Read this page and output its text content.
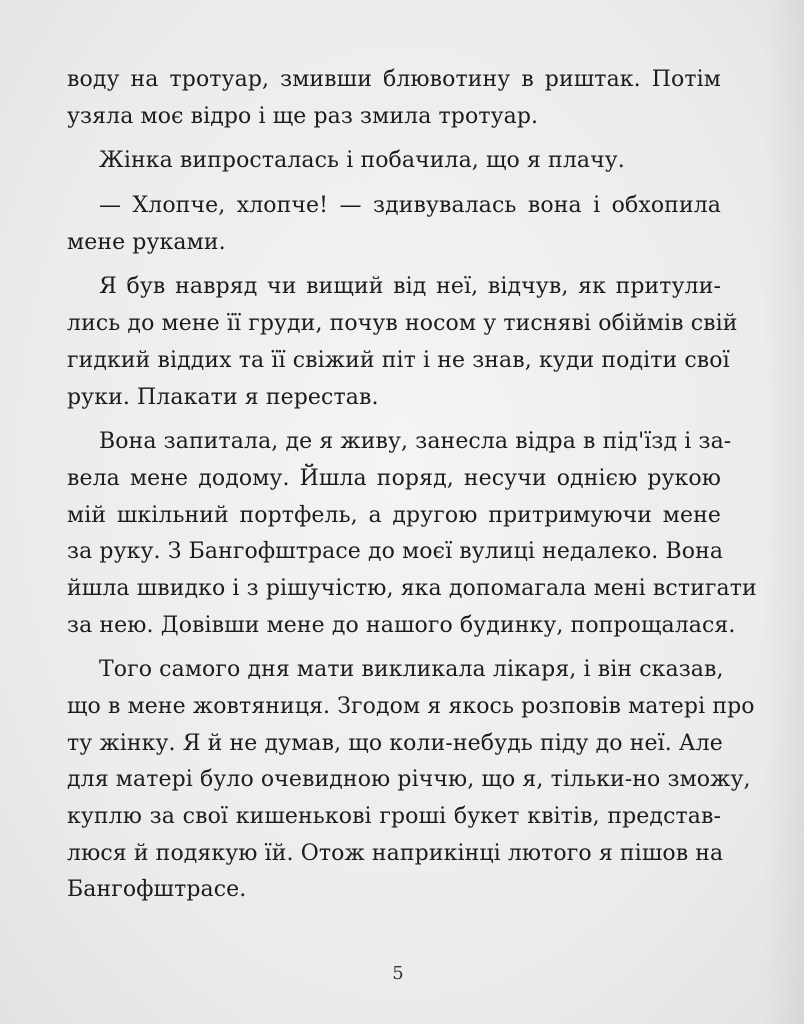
воду на тротуар, змивши блювотину в риштак. Потім
узяла моє відро і ще раз змила тротуар.
Жінка випросталась і побачила, що я плачу.
— Хлопче, хлопче! — здивувалась вона і обхопила
мене руками.
Я був навряд чи вищий від неї, відчув, як притули-
лись до мене її груди, почув носом у тисняві обіймів свій
гидкий віддих та її свіжий піт і не знав, куди подіти свої
руки. Плакати я перестав.
Вона запитала, де я живу, занесла відра в під'їзд і за-
вела мене додому. Йшла поряд, несучи однією рукою
мій шкільний портфель, а другою притримуючи мене
за руку. З Бангофштрасе до моєї вулиці недалеко. Вона
йшла швидко і з рішучістю, яка допомагала мені встигати
за нею. Довівши мене до нашого будинку, попрощалася.
Того самого дня мати викликала лікаря, і він сказав,
що в мене жовтяниця. Згодом я якось розповів матері про
ту жінку. Я й не думав, що коли-небудь піду до неї. Але
для матері було очевидною річчю, що я, тільки-но зможу,
куплю за свої кишенькові гроші букет квітів, представ-
люся й подякую їй. Отож наприкінці лютого я пішов на
Бангофштрасе.
5
